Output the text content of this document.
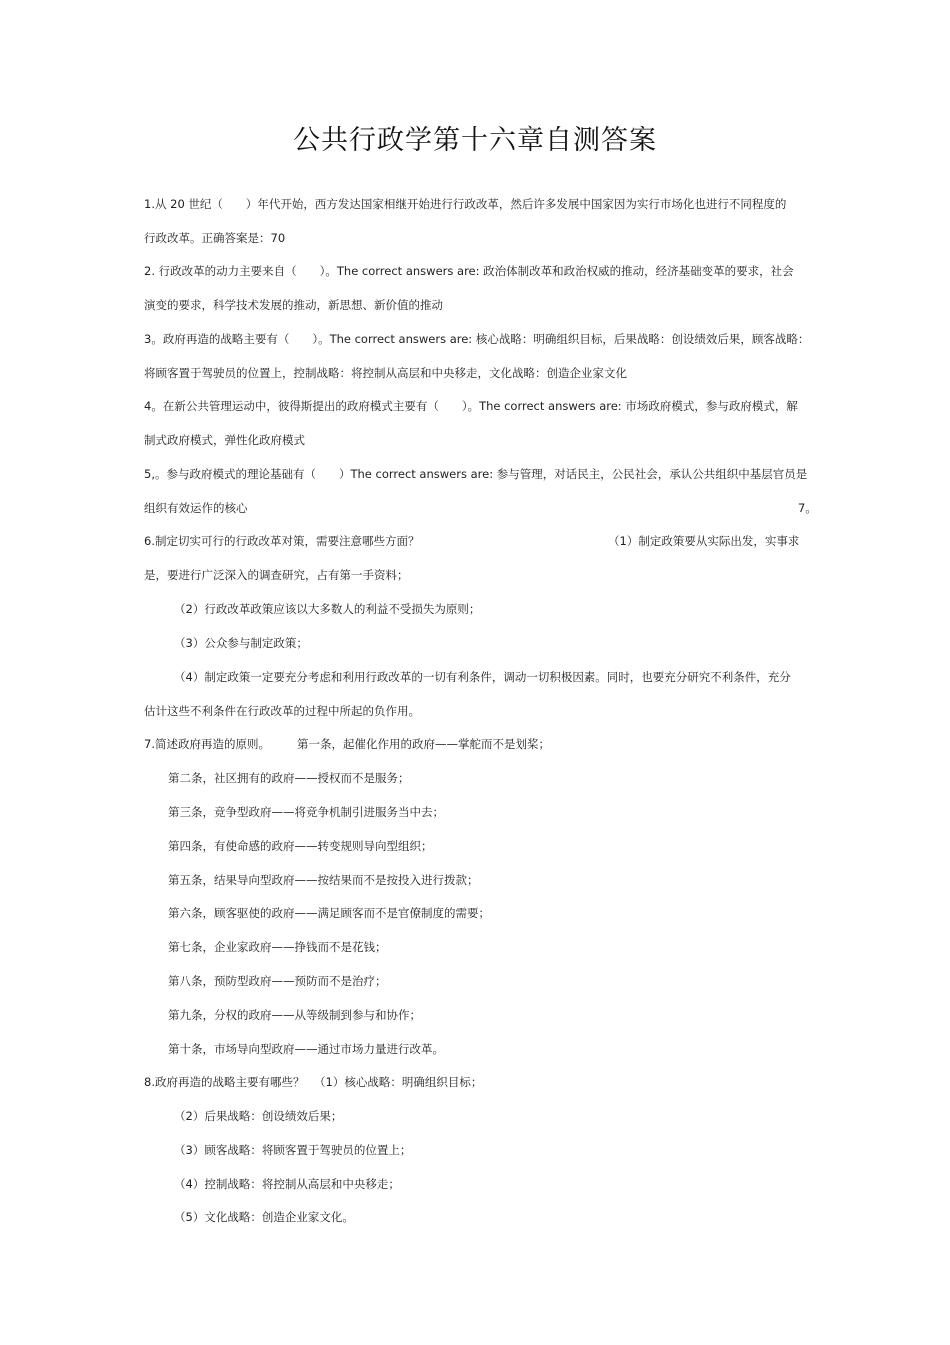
公共行政学第十六章自测答案
1.从 20 世纪（　　）年代开始，西方发达国家相继开始进行行政改革，然后许多发展中国家因为实行市场化也进行不同程度的
行政改革。正确答案是：70
2. 行政改革的动力主要来自（　　）。The correct answers are: 政治体制改革和政治权威的推动，经济基础变革的要求，社会
演变的要求，科学技术发展的推动，新思想、新价值的推动
3。政府再造的战略主要有（　　）。The correct answers are: 核心战略：明确组织目标，后果战略：创设绩效后果，顾客战略：
将顾客置于驾驶员的位置上，控制战略：将控制从高层和中央移走，文化战略：创造企业家文化
4。在新公共管理运动中，彼得斯提出的政府模式主要有（　　）。The correct answers are: 市场政府模式，参与政府模式，解
制式政府模式，弹性化政府模式
5,。参与政府模式的理论基础有（　　）The correct answers are: 参与管理，对话民主，公民社会，承认公共组织中基层官员是
组织有效运作的核心	7。
6.制定切实可行的行政改革对策，需要注意哪些方面？	（1）制定政策要从实际出发，实事求
是，要进行广泛深入的调查研究，占有第一手资料；
（2）行政改革政策应该以大多数人的利益不受损失为原则；
（3）公众参与制定政策；
（4）制定政策一定要充分考虑和利用行政改革的一切有利条件，调动一切积极因素。同时，也要充分研究不利条件，充分
估计这些不利条件在行政改革的过程中所起的负作用。
7.简述政府再造的原则。 第一条，起催化作用的政府——掌舵而不是划桨；
第二条，社区拥有的政府——授权而不是服务；
第三条，竞争型政府——将竞争机制引进服务当中去；
第四条，有使命感的政府——转变规则导向型组织；
第五条，结果导向型政府——按结果而不是按投入进行拨款；
第六条，顾客驱使的政府——满足顾客而不是官僚制度的需要；
第七条，企业家政府——挣钱而不是花钱；
第八条，预防型政府——预防而不是治疗；
第九条，分权的政府——从等级制到参与和协作；
第十条，市场导向型政府——通过市场力量进行改革。
8.政府再造的战略主要有哪些？ （1）核心战略：明确组织目标；
（2）后果战略：创设绩效后果；
（3）顾客战略：将顾客置于驾驶员的位置上；
（4）控制战略：将控制从高层和中央移走；
（5）文化战略：创造企业家文化。
